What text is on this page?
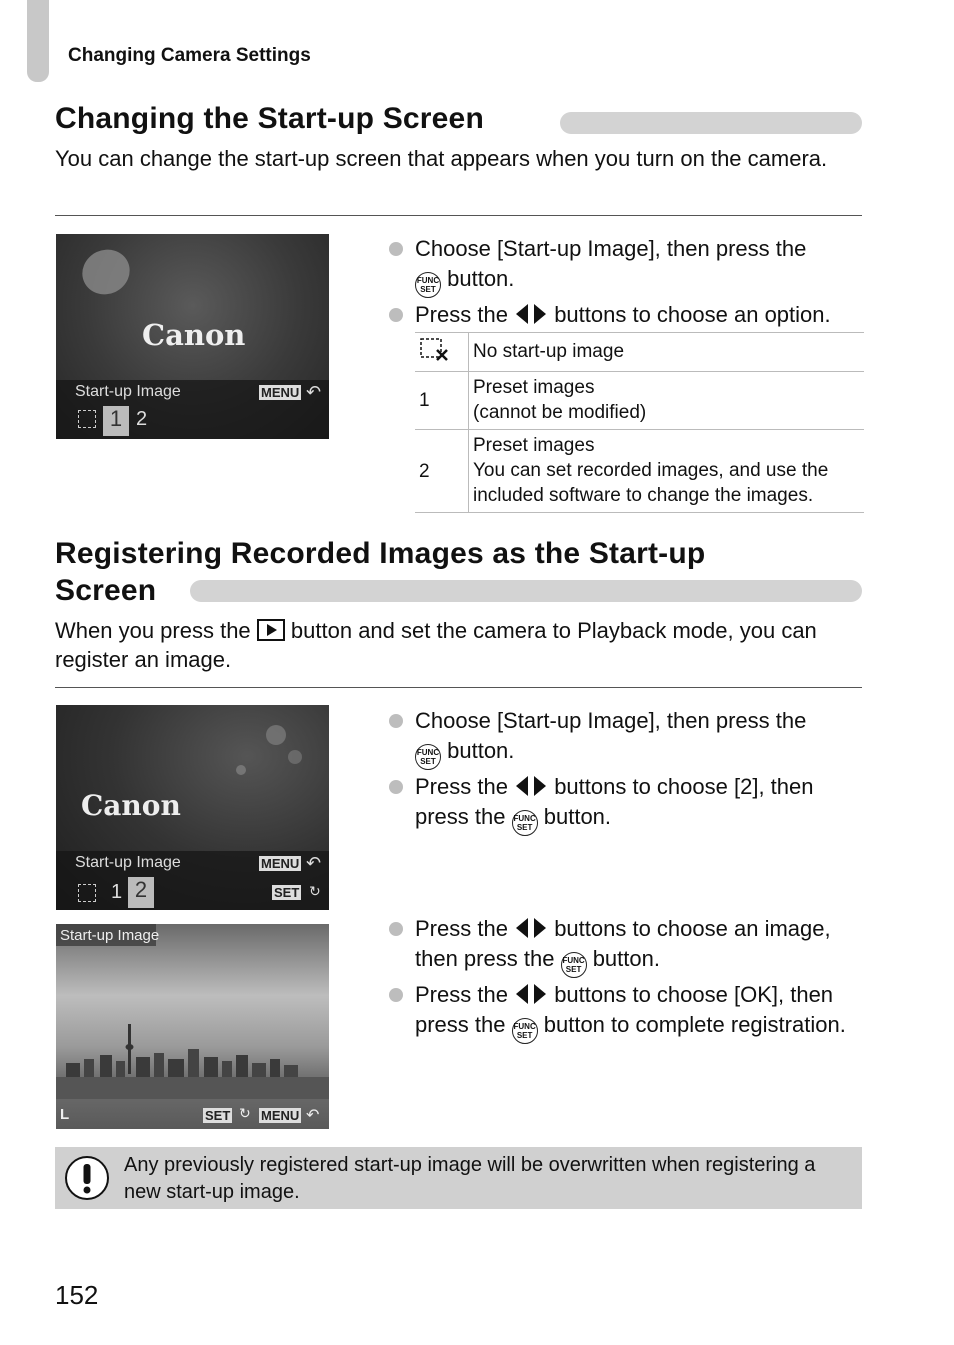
Changing Camera Settings
Changing the Start-up Screen
You can change the start-up screen that appears when you turn on the camera.
Canon
Start-up Image	MENU ↶
1 2
Choose [Start-up Image], then press the
FUNC
SET button.
Press the buttons to choose an option.
	No start-up image
1	Preset images
(cannot be modified)
2	Preset images
You can set recorded images, and use the
included software to change the images.
Registering Recorded Images as the Start-up
Screen
When you press the button and set the camera to Playback mode, you can register an image.
Canon
Start-up Image	MENU ↶
1 2	SET ↻
Choose [Start-up Image], then press the
FUNC
SET button.
Press the buttons to choose [2], then press the FUNC
SET button.
Start-up Image
L	SET ↻ MENU ↶
Press the buttons to choose an image, then press the FUNC
SET button.
Press the buttons to choose [OK], then press the FUNC
SET button to complete registration.
Any previously registered start-up image will be overwritten when registering a new start-up image.
152
